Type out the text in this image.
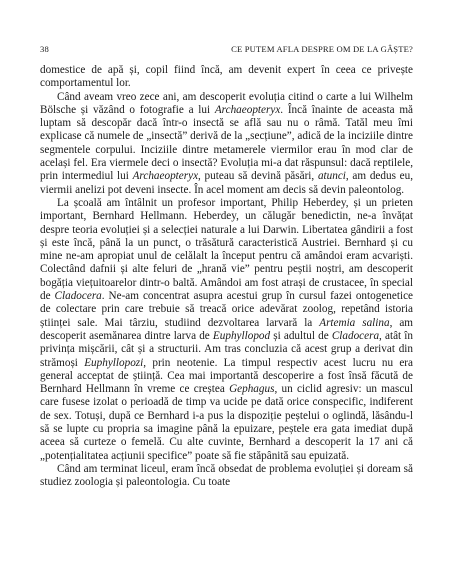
38	CE PUTEM AFLA DESPRE OM DE LA GÂȘTE?

domestice de apă și, copil fiind încă, am devenit expert în ceea ce privește comportamentul lor.

Când aveam vreo zece ani, am descoperit evoluția citind o carte a lui Wilhelm Bölsche și văzând o fotografie a lui Archaeopteryx. Încă înainte de aceasta mă luptam să descopăr dacă într-o insectă se află sau nu o râmă. Tatăl meu îmi explicase că numele de „insectă” derivă de la „secțiune”, adică de la inciziile dintre segmentele corpului. Inciziile dintre metamerele viermilor erau în mod clar de același fel. Era viermele deci o insectă? Evoluția mi-a dat răspunsul: dacă reptilele, prin intermediul lui Archaeopteryx, puteau să devină păsări, atunci, am dedus eu, viermii anelizi pot deveni insecte. În acel moment am decis să devin paleontolog.

La școală am întâlnit un profesor important, Philip Heberdey, și un prieten important, Bernhard Hellmann. Heberdey, un călugăr benedictin, ne-a învățat despre teoria evoluției și a selecției naturale a lui Darwin. Libertatea gândirii a fost și este încă, până la un punct, o trăsătură caracteristică Austriei. Bernhard și cu mine ne-am apropiat unul de celălalt la început pentru că amândoi eram acvariști. Colectând dafnii și alte feluri de „hrană vie” pentru peștii noștri, am descoperit bogăția viețuitoarelor dintr-o baltă. Amândoi am fost atrași de crustacee, în special de Cladocera. Ne-am concentrat asupra acestui grup în cursul fazei ontogenetice de colectare prin care trebuie să treacă orice adevărat zoolog, repetând istoria științei sale. Mai târziu, studiind dezvoltarea larvară la Artemia salina, am descoperit asemănarea dintre larva de Euphyllopod și adultul de Cladocera, atât în privința mișcării, cât și a structurii. Am tras concluzia că acest grup a derivat din strămoși Euphyllopozi, prin neotenie. La timpul respectiv acest lucru nu era general acceptat de știință. Cea mai importantă descoperire a fost însă făcută de Bernhard Hellmann în vreme ce creștea Gephagus, un ciclid agresiv: un mascul care fusese izolat o perioadă de timp va ucide pe dată orice conspecific, indiferent de sex. Totuși, după ce Bernhard i-a pus la dispoziție peștelui o oglindă, lăsându-l să se lupte cu propria sa imagine până la epuizare, peștele era gata imediat după aceea să curteze o femelă. Cu alte cuvinte, Bernhard a descoperit la 17 ani că „potențialitatea acțiunii specifice” poate să fie stăpânită sau epuizată.

Când am terminat liceul, eram încă obsedat de problema evoluției și doream să studiez zoologia și paleontologia. Cu toate
